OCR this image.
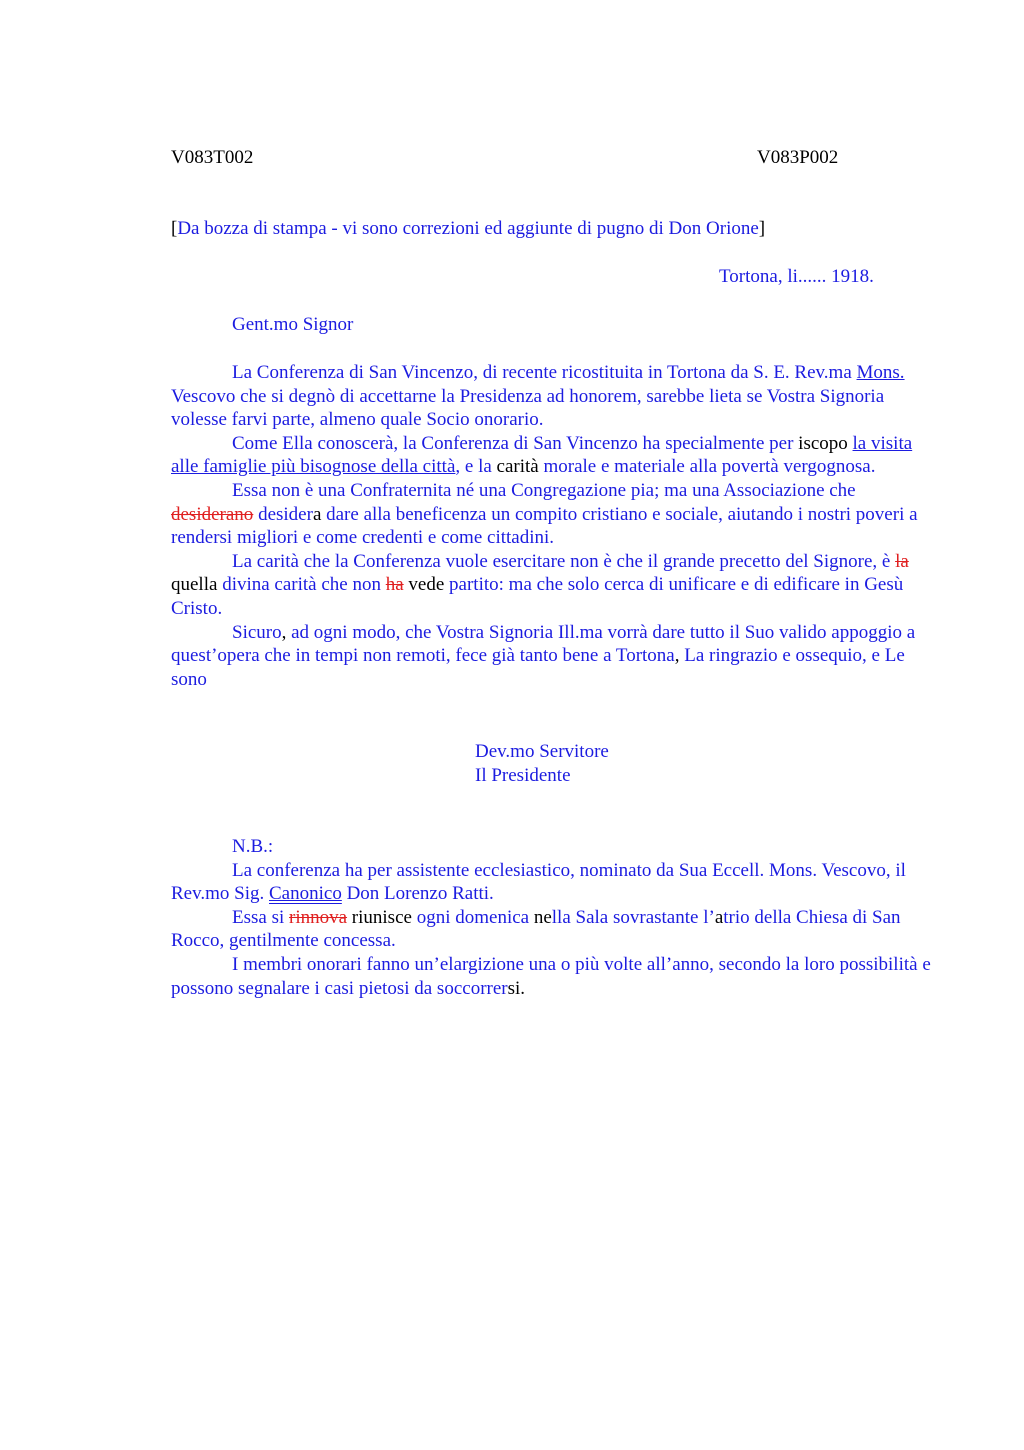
V083T002	V083P002
[Da bozza di stampa - vi sono correzioni ed aggiunte di pugno di Don Orione]
Tortona, li...... 1918.
Gent.mo Signor

La Conferenza di San Vincenzo, di recente ricostituita in Tortona da S. E. Rev.ma Mons. Vescovo che si degnò di accettarne la Presidenza ad honorem, sarebbe lieta se Vostra Signoria volesse farvi parte, almeno quale Socio onorario.

Come Ella conoscerà, la Conferenza di San Vincenzo ha specialmente per iscopo la visita alle famiglie più bisognose della città, e la carità morale e materiale alla povertà vergognosa.

Essa non è una Confraternita né una Congregazione pia; ma una Associazione che desiderano desidera dare alla beneficenza un compito cristiano e sociale, aiutando i nostri poveri a rendersi migliori e come credenti e come cittadini.

La carità che la Conferenza vuole esercitare non è che il grande precetto del Signore, è la quella divina carità che non ha vede partito: ma che solo cerca di unificare e di edificare in Gesù Cristo.

Sicuro, ad ogni modo, che Vostra Signoria Ill.ma vorrà dare tutto il Suo valido appoggio a quest’opera che in tempi non remoti, fece già tanto bene a Tortona, La ringrazio e ossequio, e Le sono

Dev.mo Servitore
Il Presidente

N.B.:

La conferenza ha per assistente ecclesiastico, nominato da Sua Eccell. Mons. Vescovo, il Rev.mo Sig. Canonico Don Lorenzo Ratti.

Essa si rinnova riunisce ogni domenica nella Sala sovrastante l’atrio della Chiesa di San Rocco, gentilmente concessa.

I membri onorari fanno un’elargizione una o più volte all’anno, secondo la loro possibilità e possono segnalare i casi pietosi da soccorrersi.
